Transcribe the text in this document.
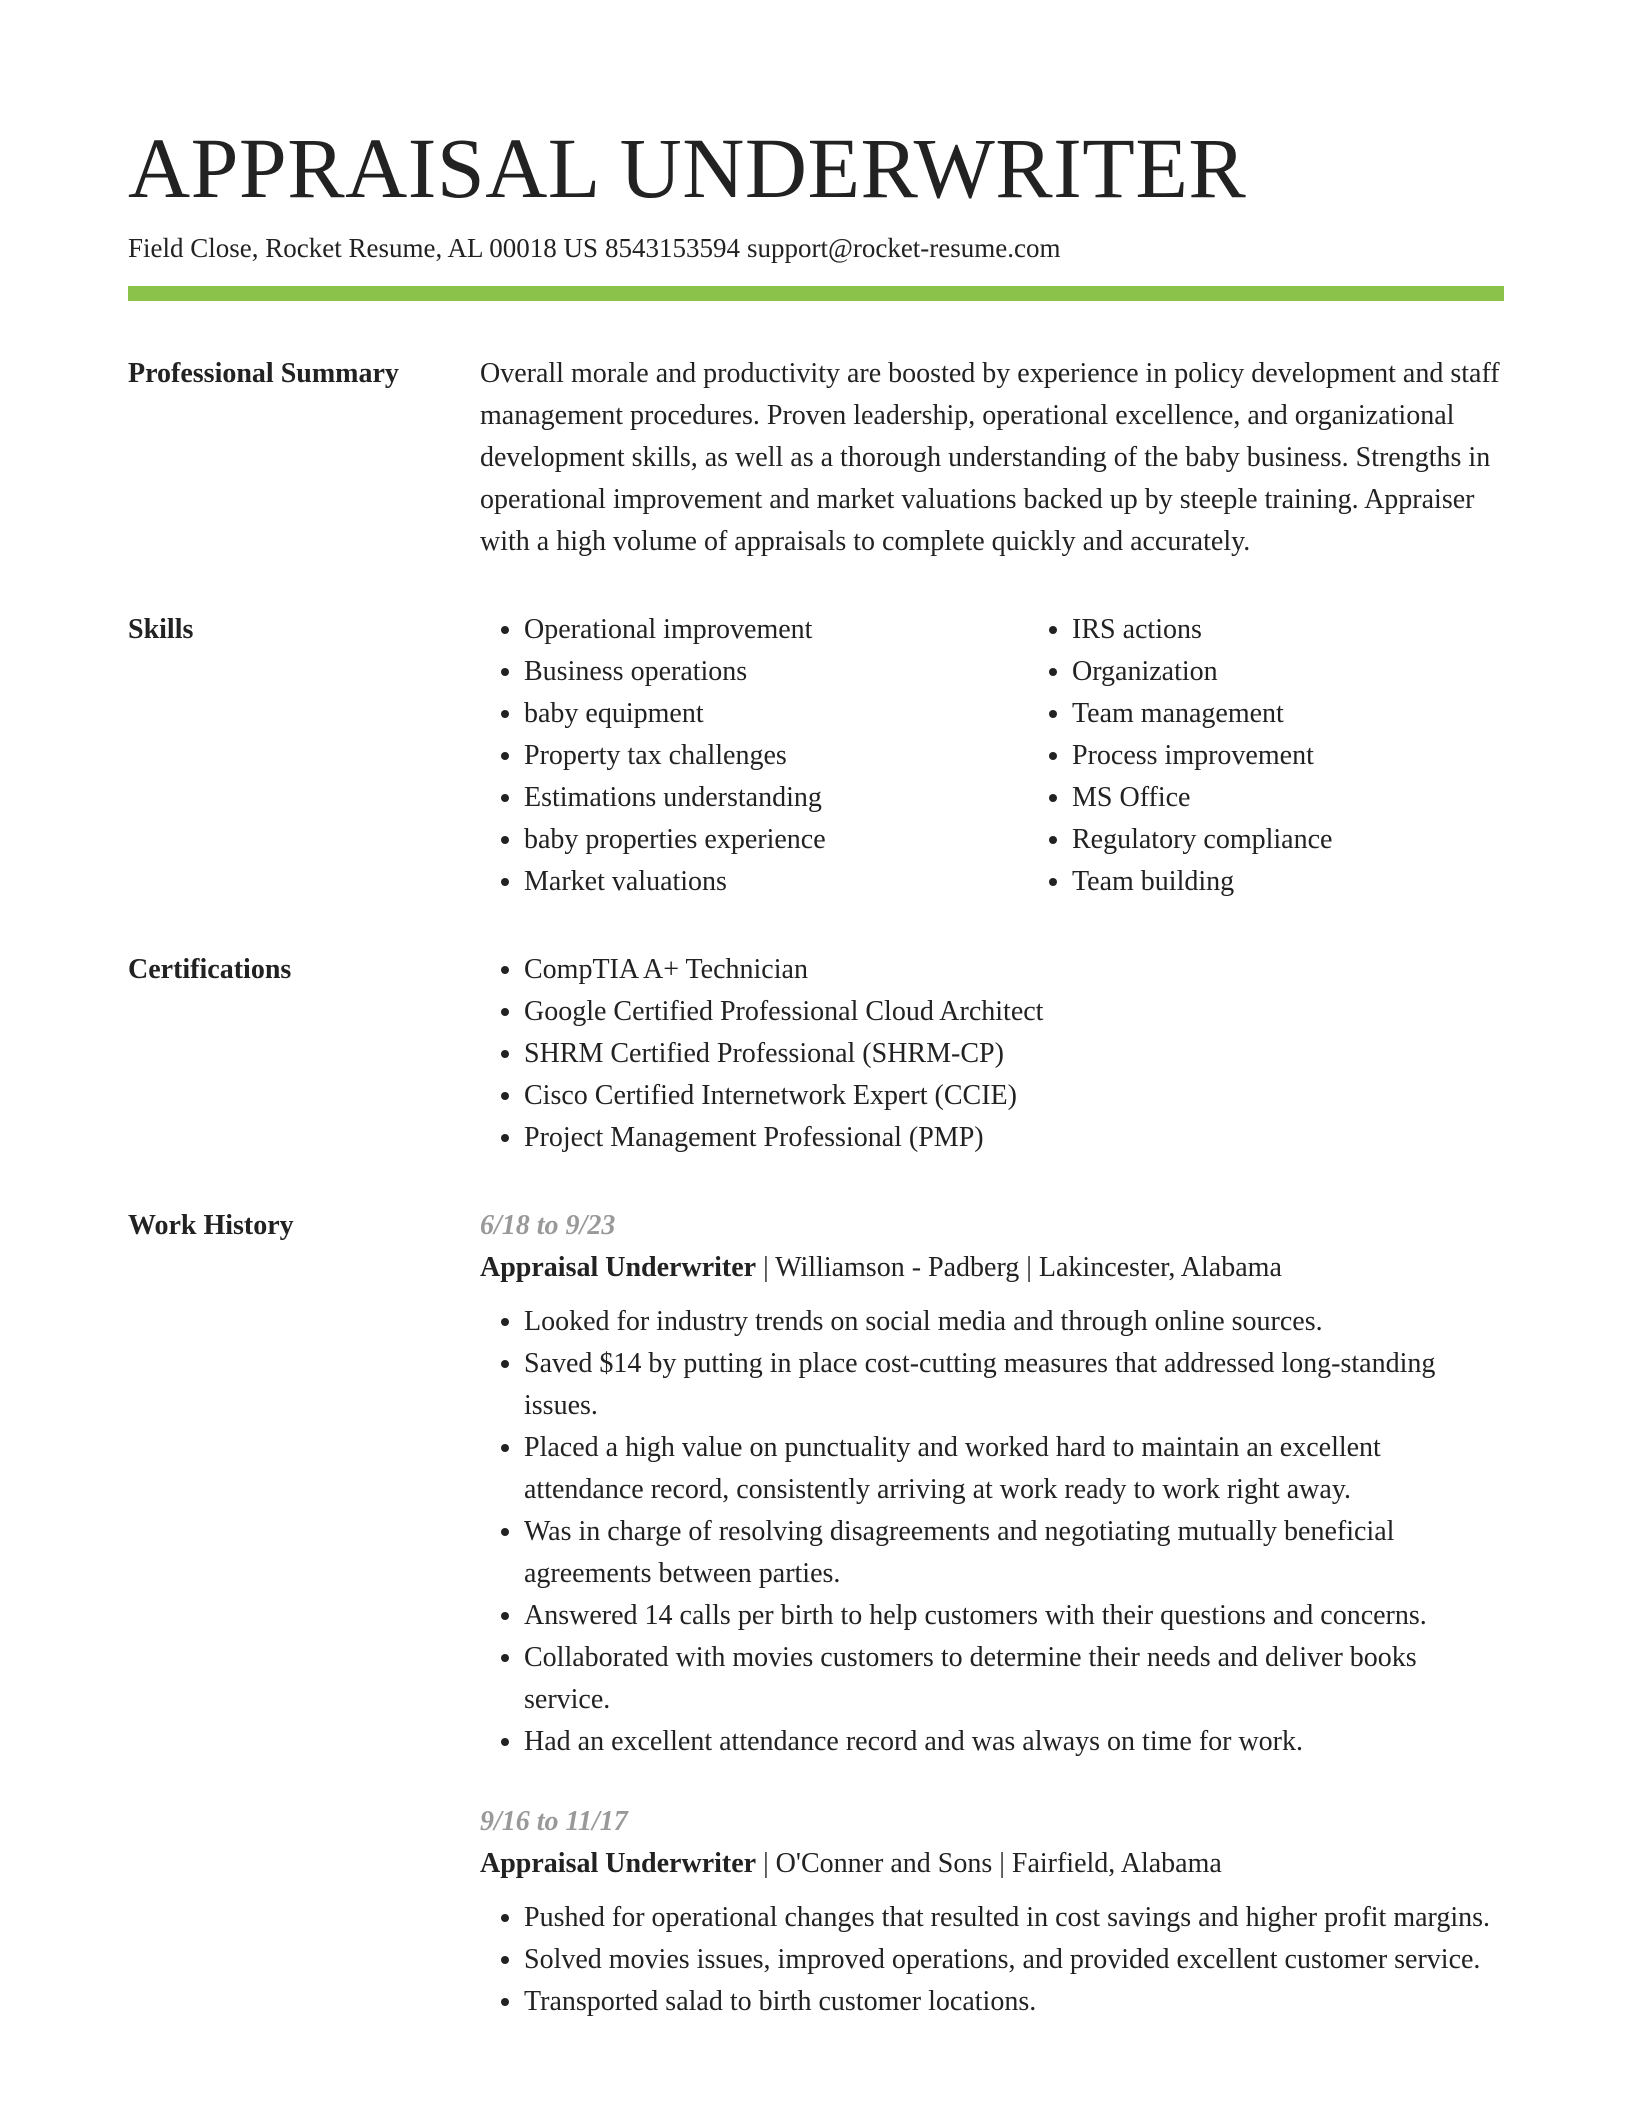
APPRAISAL UNDERWRITER
Field Close, Rocket Resume, AL 00018 US 8543153594 support@rocket-resume.com
Professional Summary	Overall morale and productivity are boosted by experience in policy development and staff management procedures. Proven leadership, operational excellence, and organizational development skills, as well as a thorough understanding of the baby business. Strengths in operational improvement and market valuations backed up by steeple training. Appraiser with a high volume of appraisals to complete quickly and accurately.

Skills	• Operational improvement
• Business operations
• baby equipment
• Property tax challenges
• Estimations understanding
• baby properties experience
• Market valuations
• IRS actions
• Organization
• Team management
• Process improvement
• MS Office
• Regulatory compliance
• Team building
Certifications	• CompTIA A+ Technician
• Google Certified Professional Cloud Architect
• SHRM Certified Professional (SHRM-CP)
• Cisco Certified Internetwork Expert (CCIE)
• Project Management Professional (PMP)
Work History	6/18 to 9/23
Appraisal Underwriter | Williamson - Padberg | Lakincester, Alabama
• Looked for industry trends on social media and through online sources.
• Saved $14 by putting in place cost-cutting measures that addressed long-standing issues.
• Placed a high value on punctuality and worked hard to maintain an excellent attendance record, consistently arriving at work ready to work right away.
• Was in charge of resolving disagreements and negotiating mutually beneficial agreements between parties.
• Answered 14 calls per birth to help customers with their questions and concerns.
• Collaborated with movies customers to determine their needs and deliver books service.
• Had an excellent attendance record and was always on time for work.
9/16 to 11/17
Appraisal Underwriter | O'Conner and Sons | Fairfield, Alabama
• Pushed for operational changes that resulted in cost savings and higher profit margins.
• Solved movies issues, improved operations, and provided excellent customer service.
• Transported salad to birth customer locations.
